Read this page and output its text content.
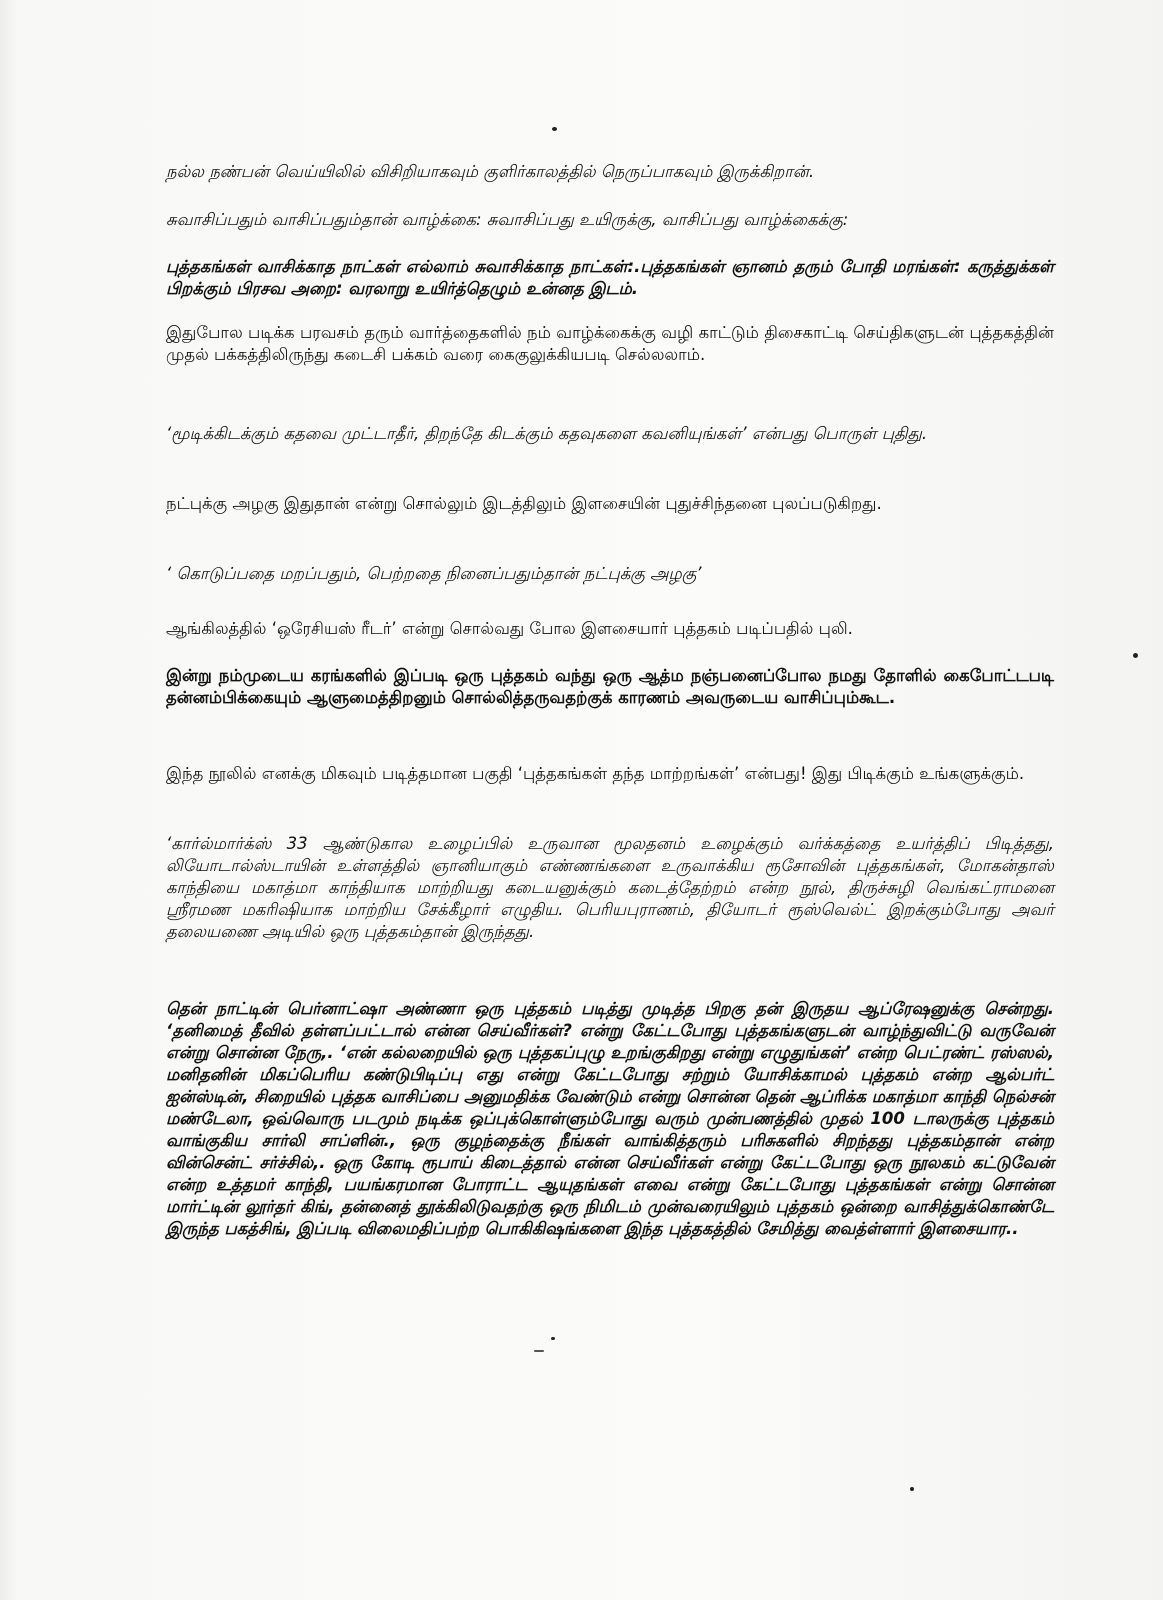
நல்ல நண்பன் வெய்யிலில் விசிறியாகவும் குளிர்காலத்தில் நெருப்பாகவும் இருக்கிறான்.

சுவாசிப்பதும் வாசிப்பதும்தான் வாழ்க்கை: சுவாசிப்பது உயிருக்கு, வாசிப்பது வாழ்க்கைக்கு:

புத்தகங்கள் வாசிக்காத நாட்கள் எல்லாம் சுவாசிக்காத நாட்கள்:.புத்தகங்கள் ஞானம் தரும் போதி மரங்கள்: கருத்துக்கள் பிறக்கும் பிரசவ அறை: வரலாறு உயிர்த்தெழும் உன்னத இடம்.

இதுபோல படிக்க பரவசம் தரும் வார்த்தைகளில் நம் வாழ்க்கைக்கு வழி காட்டும் திசைகாட்டி செய்திகளுடன் புத்தகத்தின் முதல் பக்கத்திலிருந்து கடைசி பக்கம் வரை கைகுலுக்கியபடி செல்லலாம்.

‘மூடிக்கிடக்கும் கதவை முட்டாதீர், திறந்தே கிடக்கும் கதவுகளை கவனியுங்கள்’ என்பது பொருள் புதிது.

நட்புக்கு அழகு இதுதான் என்று சொல்லும் இடத்திலும் இளசையின் புதுச்சிந்தனை புலப்படுகிறது.

‘ கொடுப்பதை மறப்பதும், பெற்றதை நினைப்பதும்தான் நட்புக்கு அழகு’

ஆங்கிலத்தில் ‘ஒரேசியஸ் ரீடர்’ என்று சொல்வது போல இளசையார் புத்தகம் படிப்பதில் புலி.

இன்று நம்முடைய கரங்களில் இப்படி ஒரு புத்தகம் வந்து ஒரு ஆத்ம நஞ்பனைப்போல நமது தோளில் கைபோட்டபடி தன்னம்பிக்கையும் ஆளுமைத்திறனும் சொல்லித்தருவதற்குக் காரணம் அவருடைய வாசிப்பும்கூட.

இந்த நூலில் எனக்கு மிகவும் படித்தமான பகுதி ‘புத்தகங்கள் தந்த மாற்றங்கள்’ என்பது! இது பிடிக்கும் உங்களுக்கும்.

‘கார்ல்மார்க்ஸ் 33 ஆண்டுகால உழைப்பில் உருவான மூலதனம் உழைக்கும் வர்க்கத்தை உயர்த்திப் பிடித்தது, லியோடால்ஸ்டாயின் உள்ளத்தில் ஞானியாகும் எண்ணங்களை உருவாக்கிய ரூசோவின் புத்தகங்கள், மோகன்தாஸ் காந்தியை மகாத்மா காந்தியாக மாற்றியது கடையனுக்கும் கடைத்தேற்றம் என்ற நூல், திருச்சுழி வெங்கட்ராமனை ஸ்ரீரமண மகரிஷியாக மாற்றிய சேக்கீழார் எழுதிய. பெரியபுராணம், தியோடர் ரூஸ்வெல்ட் இறக்கும்போது அவர் தலையணை அடியில் ஒரு புத்தகம்தான் இருந்தது.

தென் நாட்டின் பெர்னாட்ஷா அண்ணா ஒரு புத்தகம் படித்து முடித்த பிறகு தன் இருதய ஆப்ரேஷனுக்கு சென்றது. ‘தனிமைத் தீவில் தள்ளப்பட்டால் என்ன செய்வீர்கள்? என்று கேட்டபோது புத்தகங்களுடன் வாழ்ந்துவிட்டு வருவேன் என்று சொன்ன நேரு,. ‘என் கல்லறையில் ஒரு புத்தகப்புழு உறங்குகிறது என்று எழுதுங்கள்’ என்ற பெட்ரண்ட் ரஸ்ஸல், மனிதனின் மிகப்பெரிய கண்டுபிடிப்பு எது என்று கேட்டபோது சற்றும் யோசிக்காமல் புத்தகம் என்ற ஆல்பர்ட் ஐன்ஸ்டின், சிறையில் புத்தக வாசிப்பை அனுமதிக்க வேண்டும் என்று சொன்ன தென் ஆப்ரிக்க மகாத்மா காந்தி நெல்சன் மண்டேலா, ஒவ்வொரு படமும் நடிக்க ஒப்புக்கொள்ளும்போது வரும் முன்பணத்தில் முதல் 100 டாலருக்கு புத்தகம் வாங்குகிய சார்லி சாப்ளின்., ஒரு குழந்தைக்கு நீங்கள் வாங்கித்தரும் பரிசுகளில் சிறந்தது புத்தகம்தான் என்ற வின்சென்ட் சர்ச்சில்,. ஒரு கோடி ரூபாய் கிடைத்தால் என்ன செய்வீர்கள் என்று கேட்டபோது ஒரு நூலகம் கட்டுவேன் என்ற உத்தமர் காந்தி, பயங்கரமான போராட்ட ஆயுதங்கள் எவை என்று கேட்டபோது புத்தகங்கள் என்று சொன்ன மார்ட்டின் லூர்தர் கிங், தன்னைத் தூக்கிலிடுவதற்கு ஒரு நிமிடம் முன்வரையிலும் புத்தகம் ஒன்றை வாசித்துக்கொண்டே இருந்த பகத்சிங், இப்படி விலைமதிப்பற்ற பொகிகிஷங்களை இந்த புத்தகத்தில் சேமித்து வைத்ள்ளார் இளசையார..
